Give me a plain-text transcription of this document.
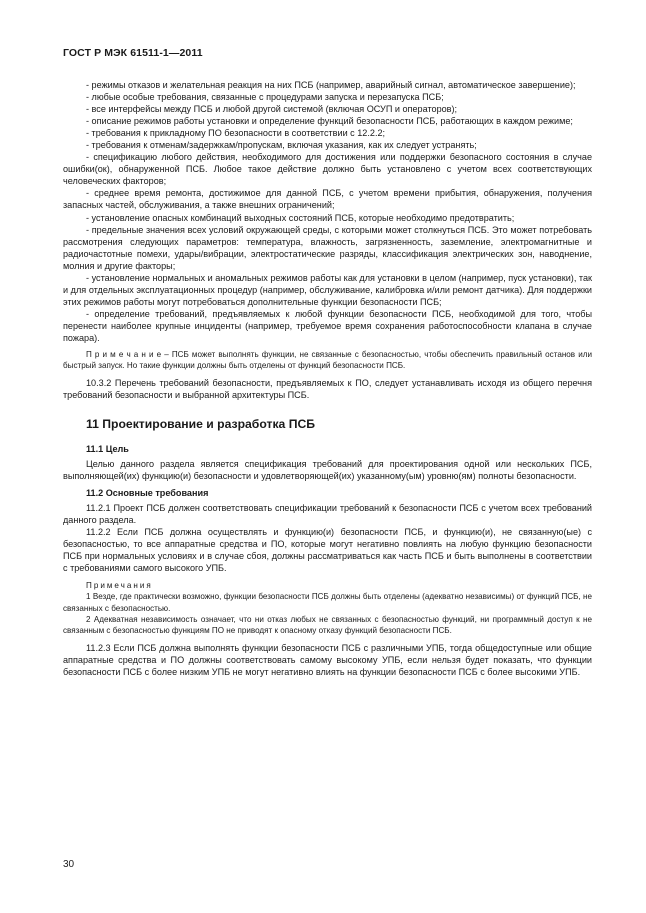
ГОСТ Р МЭК 61511-1—2011

- режимы отказов и желательная реакция на них ПСБ (например, аварийный сигнал, автоматическое завершение);

- любые особые требования, связанные с процедурами запуска и перезапуска ПСБ;

- все интерфейсы между ПСБ и любой другой системой (включая ОСУП и операторов);

- описание режимов работы установки и определение функций безопасности ПСБ, работающих в каждом режиме;

- требования к прикладному ПО безопасности в соответствии с 12.2.2;

- требования к отменам/задержкам/пропускам, включая указания, как их следует устранять;

- спецификацию любого действия, необходимого для достижения или поддержки безопасного состояния в случае ошибки(ок), обнаруженной ПСБ. Любое такое действие должно быть установлено с учетом всех соответствующих человеческих факторов;

- среднее время ремонта, достижимое для данной ПСБ, с учетом времени прибытия, обнаружения, получения запасных частей, обслуживания, а также внешних ограничений;

- установление опасных комбинаций выходных состояний ПСБ, которые необходимо предотвратить;

- предельные значения всех условий окружающей среды, с которыми может столкнуться ПСБ. Это может потребовать рассмотрения следующих параметров: температура, влажность, загрязненность, заземление, электромагнитные и радиочастотные помехи, удары/вибрации, электростатические разряды, классификация электрических зон, наводнение, молния и другие факторы;

- установление нормальных и аномальных режимов работы как для установки в целом (например, пуск установки), так и для отдельных эксплуатационных процедур (например, обслуживание, калибровка и/или ремонт датчика). Для поддержки этих режимов работы могут потребоваться дополнительные функции безопасности ПСБ;

- определение требований, предъявляемых к любой функции безопасности ПСБ, необходимой для того, чтобы перенести наиболее крупные инциденты (например, требуемое время сохранения работоспособности клапана в случае пожара).

П р и м е ч а н и е – ПСБ может выполнять функции, не связанные с безопасностью, чтобы обеспечить правильный останов или быстрый запуск. Но такие функции должны быть отделены от функций безопасности ПСБ.

10.3.2 Перечень требований безопасности, предъявляемых к ПО, следует устанавливать исходя из общего перечня требований безопасности и выбранной архитектуры ПСБ.

11 Проектирование и разработка ПСБ
11.1 Цель

Целью данного раздела является спецификация требований для проектирования одной или нескольких ПСБ, выполняющей(их) функцию(и) безопасности и удовлетворяющей(их) указанному(ым) уровню(ям) полноты безопасности.

11.2 Основные требования

11.2.1 Проект ПСБ должен соответствовать спецификации требований к безопасности ПСБ с учетом всех требований данного раздела.

11.2.2 Если ПСБ должна осуществлять и функцию(и) безопасности ПСБ, и функцию(и), не связанную(ые) с безопасностью, то все аппаратные средства и ПО, которые могут негативно повлиять на любую функцию безопасности ПСБ при нормальных условиях и в случае сбоя, должны рассматриваться как часть ПСБ и быть выполнены в соответствии с требованиями самого высокого УПБ.

Примечания

1 Везде, где практически возможно, функции безопасности ПСБ должны быть отделены (адекватно независимы) от функций ПСБ, не связанных с безопасностью.

2 Адекватная независимость означает, что ни отказ любых не связанных с безопасностью функций, ни программный доступ к не связанным с безопасностью функциям ПО не приводят к опасному отказу функций безопасности ПСБ.

11.2.3 Если ПСБ должна выполнять функции безопасности ПСБ с различными УПБ, тогда общедоступные или общие аппаратные средства и ПО должны соответствовать самому высокому УПБ, если нельзя будет показать, что функции безопасности ПСБ с более низким УПБ не могут негативно влиять на функции безопасности ПСБ с более высокими УПБ.

30
